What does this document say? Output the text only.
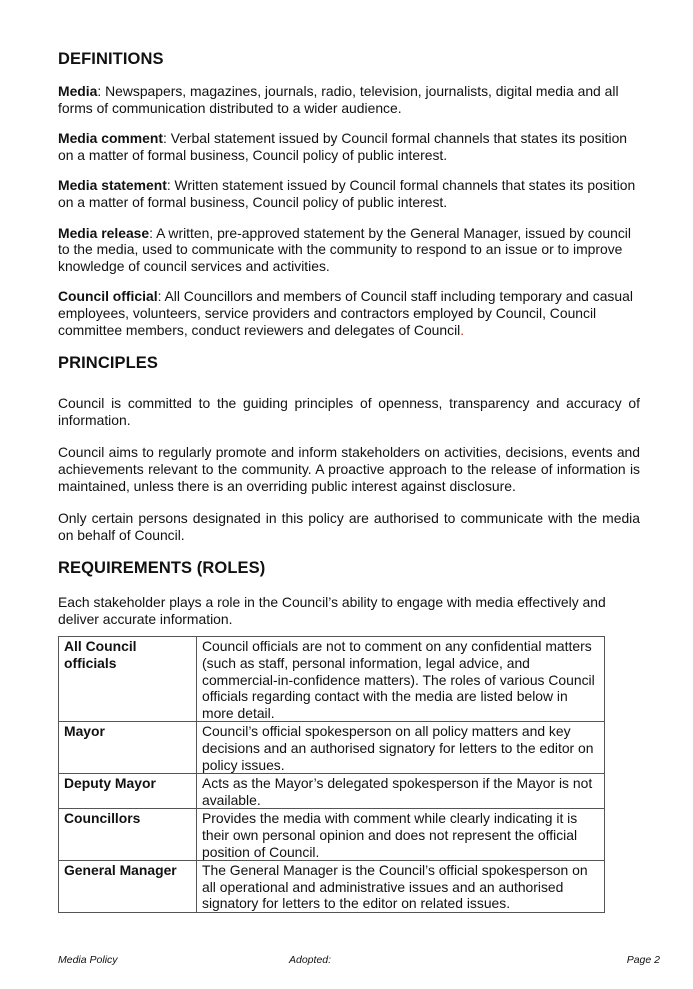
DEFINITIONS

Media: Newspapers, magazines, journals, radio, television, journalists, digital media and all forms of communication distributed to a wider audience.

Media comment: Verbal statement issued by Council formal channels that states its position on a matter of formal business, Council policy of public interest.

Media statement: Written statement issued by Council formal channels that states its position on a matter of formal business, Council policy of public interest.

Media release: A written, pre-approved statement by the General Manager, issued by council to the media, used to communicate with the community to respond to an issue or to improve knowledge of council services and activities.

Council official: All Councillors and members of Council staff including temporary and casual employees, volunteers, service providers and contractors employed by Council, Council committee members, conduct reviewers and delegates of Council.

PRINCIPLES

Council is committed to the guiding principles of openness, transparency and accuracy of information.

Council aims to regularly promote and inform stakeholders on activities, decisions, events and achievements relevant to the community. A proactive approach to the release of information is maintained, unless there is an overriding public interest against disclosure.

Only certain persons designated in this policy are authorised to communicate with the media on behalf of Council.

REQUIREMENTS (ROLES)

Each stakeholder plays a role in the Council’s ability to engage with media effectively and deliver accurate information.

All Council officials	Council officials are not to comment on any confidential matters (such as staff, personal information, legal advice, and commercial-in-confidence matters). The roles of various Council officials regarding contact with the media are listed below in more detail.
Mayor	Council’s official spokesperson on all policy matters and key decisions and an authorised signatory for letters to the editor on policy issues.
Deputy Mayor	Acts as the Mayor’s delegated spokesperson if the Mayor is not available.
Councillors	Provides the media with comment while clearly indicating it is their own personal opinion and does not represent the official position of Council.
General Manager	The General Manager is the Council’s official spokesperson on all operational and administrative issues and an authorised signatory for letters to the editor on related issues.
Media Policy	Adopted:	Page 2
